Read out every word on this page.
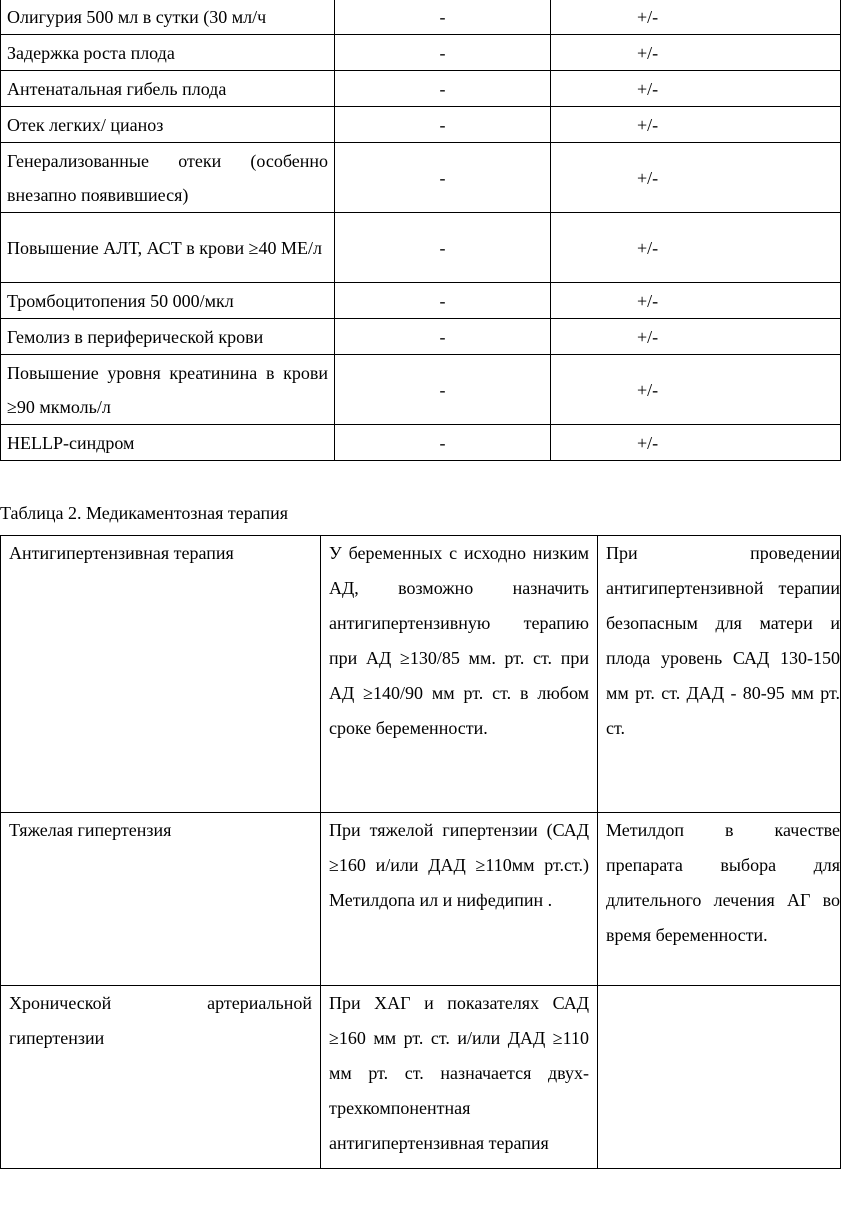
Олигурия 500 мл в сутки (30 мл/ч	-	+/-
Задержка роста плода	-	+/-
Антенатальная гибель плода	-	+/-
Отек легких/ цианоз	-	+/-
Генерализованные отеки (особенно внезапно появившиеся)	-	+/-
Повышение АЛТ, АСТ в крови ≥40 МЕ/л	-	+/-
Тромбоцитопения 50 000/мкл	-	+/-
Гемолиз в периферической крови	-	+/-
Повышение уровня креатинина в крови ≥90 мкмоль/л	-	+/-
HELLP-синдром	-	+/-
Таблица 2. Медикаментозная терапия
Антигипертензивная терапия	У беременных с исходно низким АД, возможно назначить антигипертензивную терапию при АД ≥130/85 мм. рт. ст. при АД ≥140/90 мм рт. ст. в любом сроке беременности.	При проведении антигипертензивной терапии безопасным для матери и плода уровень САД 130-150 мм рт. ст. ДАД - 80-95 мм рт. ст.

Тяжелая гипертензия	При тяжелой гипертензии (САД ≥160 и/или ДАД ≥110мм рт.ст.) Метилдопа ил и нифедипин .	Метилдоп в качестве препарата выбора для длительного лечения АГ во время беременности.

Хронической артериальной гипертензии	При ХАГ и показателях САД ≥160 мм рт. ст. и/или ДАД ≥110 мм рт. ст. назначается двух-трехкомпонентная антигипертензивная терапия	
